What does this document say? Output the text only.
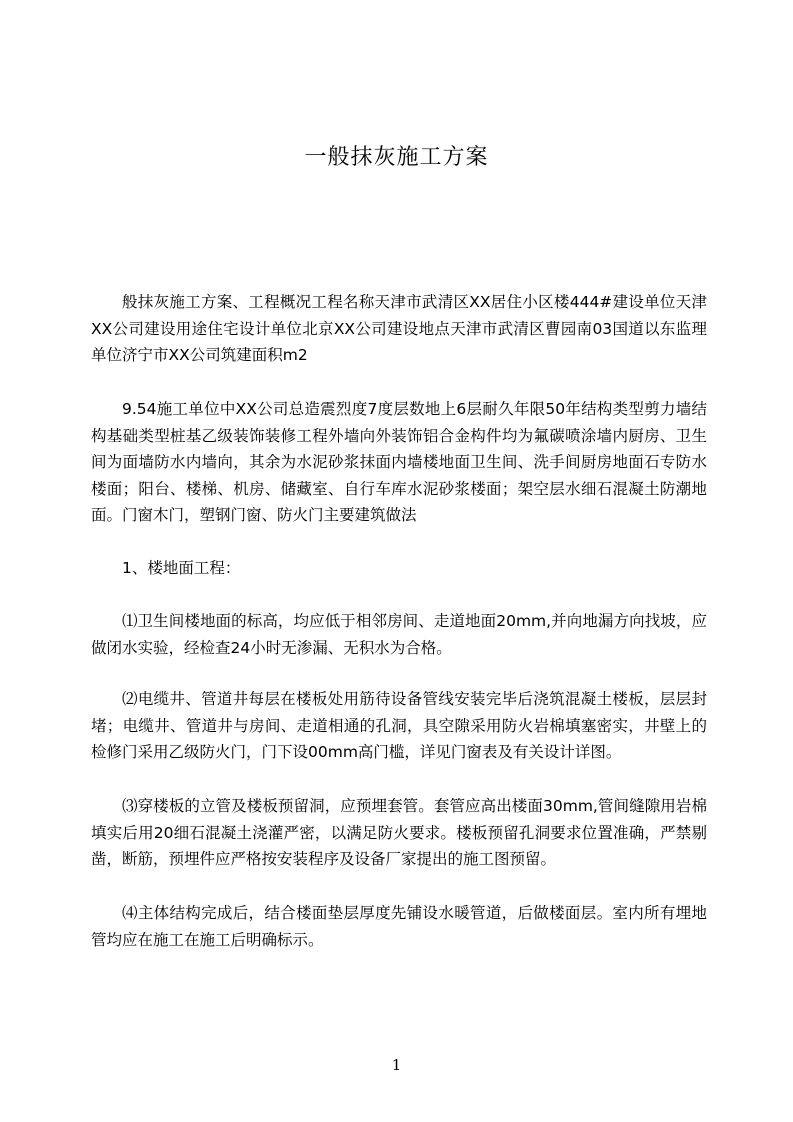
一般抹灰施工方案

般抹灰施工方案、工程概况工程名称天津市武清区XX居住小区楼444#建设单位天津XX公司建设用途住宅设计单位北京XX公司建设地点天津市武清区曹园南03国道以东监理单位济宁市XX公司筑建面积m2

9.54施工单位中XX公司总造震烈度7度层数地上6层耐久年限50年结构类型剪力墙结构基础类型桩基乙级装饰装修工程外墙向外装饰铝合金构件均为氟碳喷涂墙内厨房、卫生间为面墙防水内墙向，其余为水泥砂浆抹面内墙楼地面卫生间、洗手间厨房地面石专防水楼面；阳台、楼梯、机房、储藏室、自行车库水泥砂浆楼面；架空层水细石混凝土防潮地面。门窗木门，塑钢门窗、防火门主要建筑做法

1、楼地面工程：

⑴卫生间楼地面的标高，均应低于相邻房间、走道地面20mm,并向地漏方向找坡，应做闭水实验，经检查24小时无渗漏、无积水为合格。

⑵电缆井、管道井每层在楼板处用筋待设备管线安装完毕后浇筑混凝土楼板，层层封堵；电缆井、管道井与房间、走道相通的孔洞，具空隙采用防火岩棉填塞密实，井壁上的检修门采用乙级防火门，门下设00mm高门槛，详见门窗表及有关设计详图。

⑶穿楼板的立管及楼板预留洞，应预埋套管。套管应高出楼面30mm,管间缝隙用岩棉填实后用20细石混凝土浇灌严密，以满足防火要求。楼板预留孔洞要求位置准确，严禁剔凿，断筋，预埋件应严格按安装程序及设备厂家提出的施工图预留。

⑷主体结构完成后，结合楼面垫层厚度先铺设水暖管道，后做楼面层。室内所有埋地管均应在施工在施工后明确标示。

1
